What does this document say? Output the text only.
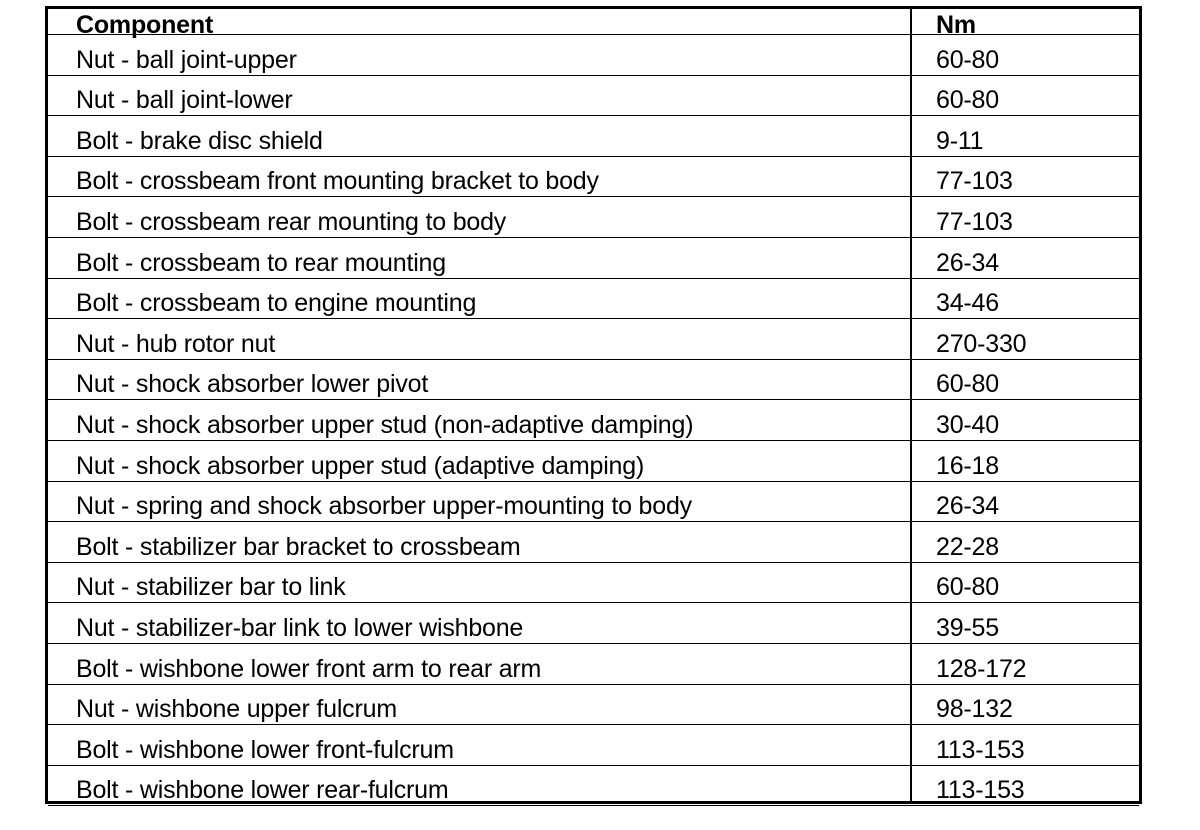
Component	Nm
Nut - ball joint-upper	60-80
Nut - ball joint-lower	60-80
Bolt - brake disc shield	9-11
Bolt - crossbeam front mounting bracket to body	77-103
Bolt - crossbeam rear mounting to body	77-103
Bolt - crossbeam to rear mounting	26-34
Bolt - crossbeam to engine mounting	34-46
Nut - hub rotor nut	270-330
Nut - shock absorber lower pivot	60-80
Nut - shock absorber upper stud (non-adaptive damping)	30-40
Nut - shock absorber upper stud (adaptive damping)	16-18
Nut - spring and shock absorber upper-mounting to body	26-34
Bolt - stabilizer bar bracket to crossbeam	22-28
Nut - stabilizer bar to link	60-80
Nut - stabilizer-bar link to lower wishbone	39-55
Bolt - wishbone lower front arm to rear arm	128-172
Nut - wishbone upper fulcrum	98-132
Bolt - wishbone lower front-fulcrum	113-153
Bolt - wishbone lower rear-fulcrum	113-153
